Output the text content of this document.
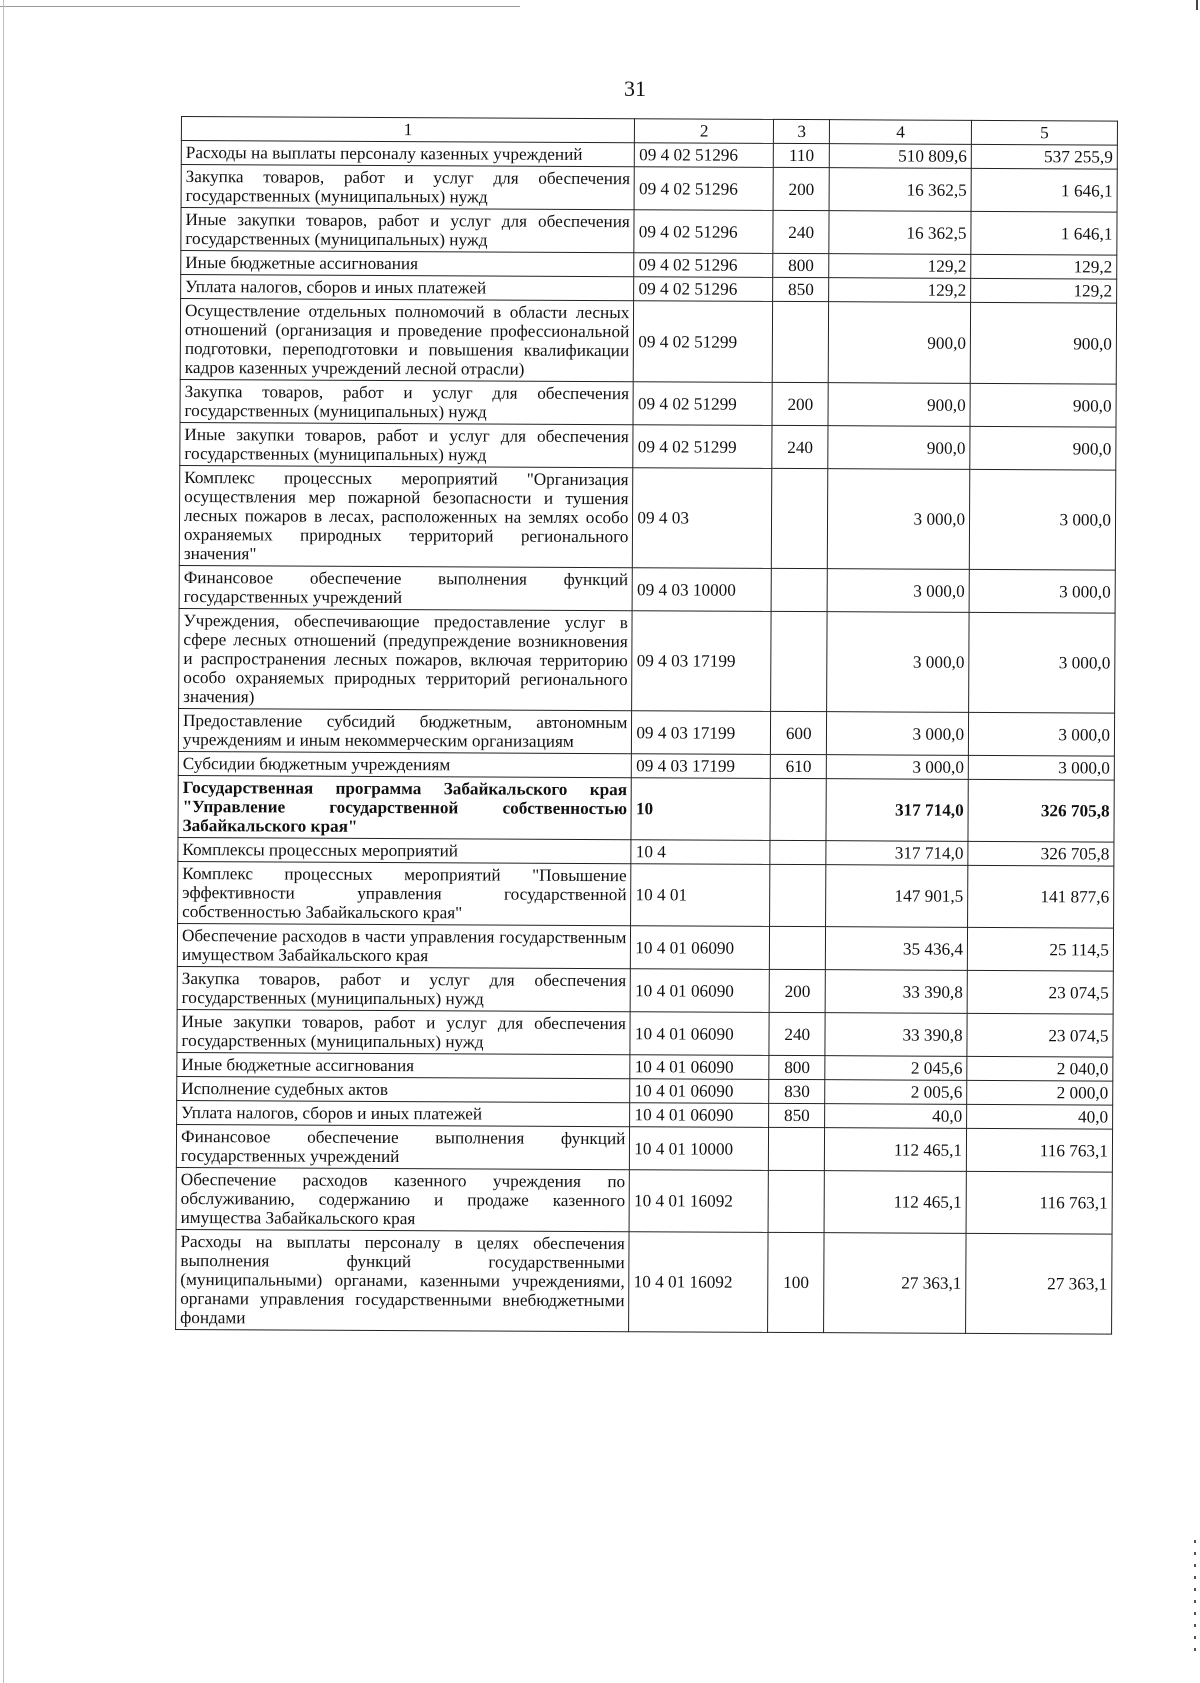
31
1	2	3	4	5
Расходы на выплаты персоналу казенных учреждений	09 4 02 51296	110	510 809,6	537 255,9
Закупка товаров, работ и услуг для обеспечения государственных (муниципальных) нужд	09 4 02 51296	200	16 362,5	1 646,1
Иные закупки товаров, работ и услуг для обеспечения государственных (муниципальных) нужд	09 4 02 51296	240	16 362,5	1 646,1
Иные бюджетные ассигнования	09 4 02 51296	800	129,2	129,2
Уплата налогов, сборов и иных платежей	09 4 02 51296	850	129,2	129,2
Осуществление отдельных полномочий в области лесных отношений (организация и проведение профессиональной подготовки, переподготовки и повышения квалификации кадров казенных учреждений лесной отрасли)	09 4 02 51299		900,0	900,0
Закупка товаров, работ и услуг для обеспечения государственных (муниципальных) нужд	09 4 02 51299	200	900,0	900,0
Иные закупки товаров, работ и услуг для обеспечения государственных (муниципальных) нужд	09 4 02 51299	240	900,0	900,0
Комплекс процессных мероприятий "Организация осуществления мер пожарной безопасности и тушения лесных пожаров в лесах, расположенных на землях особо охраняемых природных территорий регионального значения"	09 4 03		3 000,0	3 000,0
Финансовое обеспечение выполнения функций государственных учреждений	09 4 03 10000		3 000,0	3 000,0
Учреждения, обеспечивающие предоставление услуг в сфере лесных отношений (предупреждение возникновения и распространения лесных пожаров, включая территорию особо охраняемых природных территорий регионального значения)	09 4 03 17199		3 000,0	3 000,0
Предоставление субсидий бюджетным, автономным учреждениям и иным некоммерческим организациям	09 4 03 17199	600	3 000,0	3 000,0
Субсидии бюджетным учреждениям	09 4 03 17199	610	3 000,0	3 000,0
Государственная программа Забайкальского края "Управление государственной собственностью Забайкальского края"	10		317 714,0	326 705,8
Комплексы процессных мероприятий	10 4		317 714,0	326 705,8
Комплекс процессных мероприятий "Повышение эффективности управления государственной собственностью Забайкальского края"	10 4 01		147 901,5	141 877,6
Обеспечение расходов в части управления государственным имуществом Забайкальского края	10 4 01 06090		35 436,4	25 114,5
Закупка товаров, работ и услуг для обеспечения государственных (муниципальных) нужд	10 4 01 06090	200	33 390,8	23 074,5
Иные закупки товаров, работ и услуг для обеспечения государственных (муниципальных) нужд	10 4 01 06090	240	33 390,8	23 074,5
Иные бюджетные ассигнования	10 4 01 06090	800	2 045,6	2 040,0
Исполнение судебных актов	10 4 01 06090	830	2 005,6	2 000,0
Уплата налогов, сборов и иных платежей	10 4 01 06090	850	40,0	40,0
Финансовое обеспечение выполнения функций государственных учреждений	10 4 01 10000		112 465,1	116 763,1
Обеспечение расходов казенного учреждения по обслуживанию, содержанию и продаже казенного имущества Забайкальского края	10 4 01 16092		112 465,1	116 763,1
Расходы на выплаты персоналу в целях обеспечения выполнения функций государственными (муниципальными) органами, казенными учреждениями, органами управления государственными внебюджетными фондами	10 4 01 16092	100	27 363,1	27 363,1
